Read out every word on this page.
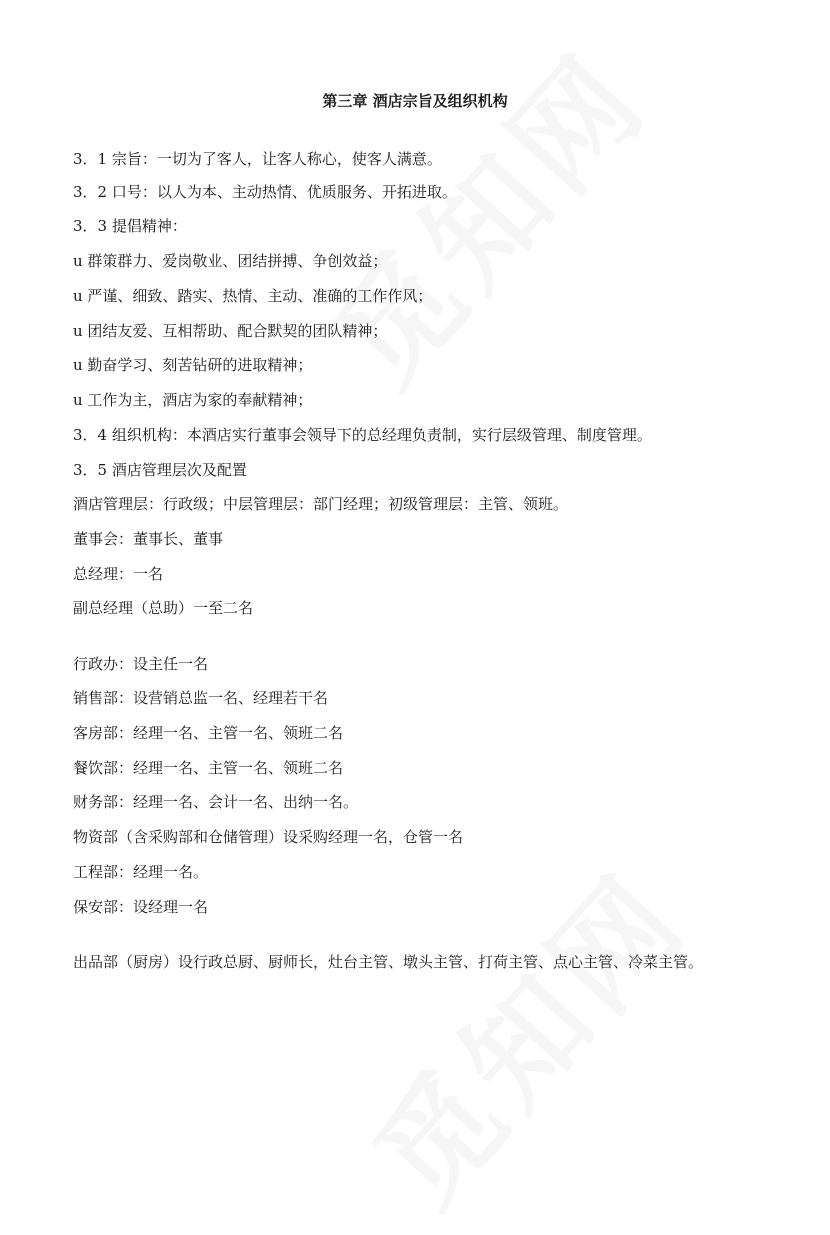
第三章 酒店宗旨及组织机构
3．1 宗旨：一切为了客人，让客人称心，使客人满意。
3．2 口号：以人为本、主动热情、优质服务、开拓进取。
3．3 提倡精神：
u 群策群力、爱岗敬业、团结拼搏、争创效益；
u 严谨、细致、踏实、热情、主动、准确的工作作风；
u 团结友爱、互相帮助、配合默契的团队精神；
u 勤奋学习、刻苦钻研的进取精神；
u 工作为主，酒店为家的奉献精神；
3．4 组织机构：本酒店实行董事会领导下的总经理负责制，实行层级管理、制度管理。
3．5 酒店管理层次及配置
酒店管理层：行政级；中层管理层：部门经理；初级管理层：主管、领班。
董事会：董事长、董事
总经理：一名
副总经理（总助）一至二名
行政办：设主任一名
销售部：设营销总监一名、经理若干名
客房部：经理一名、主管一名、领班二名
餐饮部：经理一名、主管一名、领班二名
财务部：经理一名、会计一名、出纳一名。
物资部（含采购部和仓储管理）设采购经理一名，仓管一名
工程部：经理一名。
保安部：设经理一名
出品部（厨房）设行政总厨、厨师长，灶台主管、墩头主管、打荷主管、点心主管、冷菜主管。
